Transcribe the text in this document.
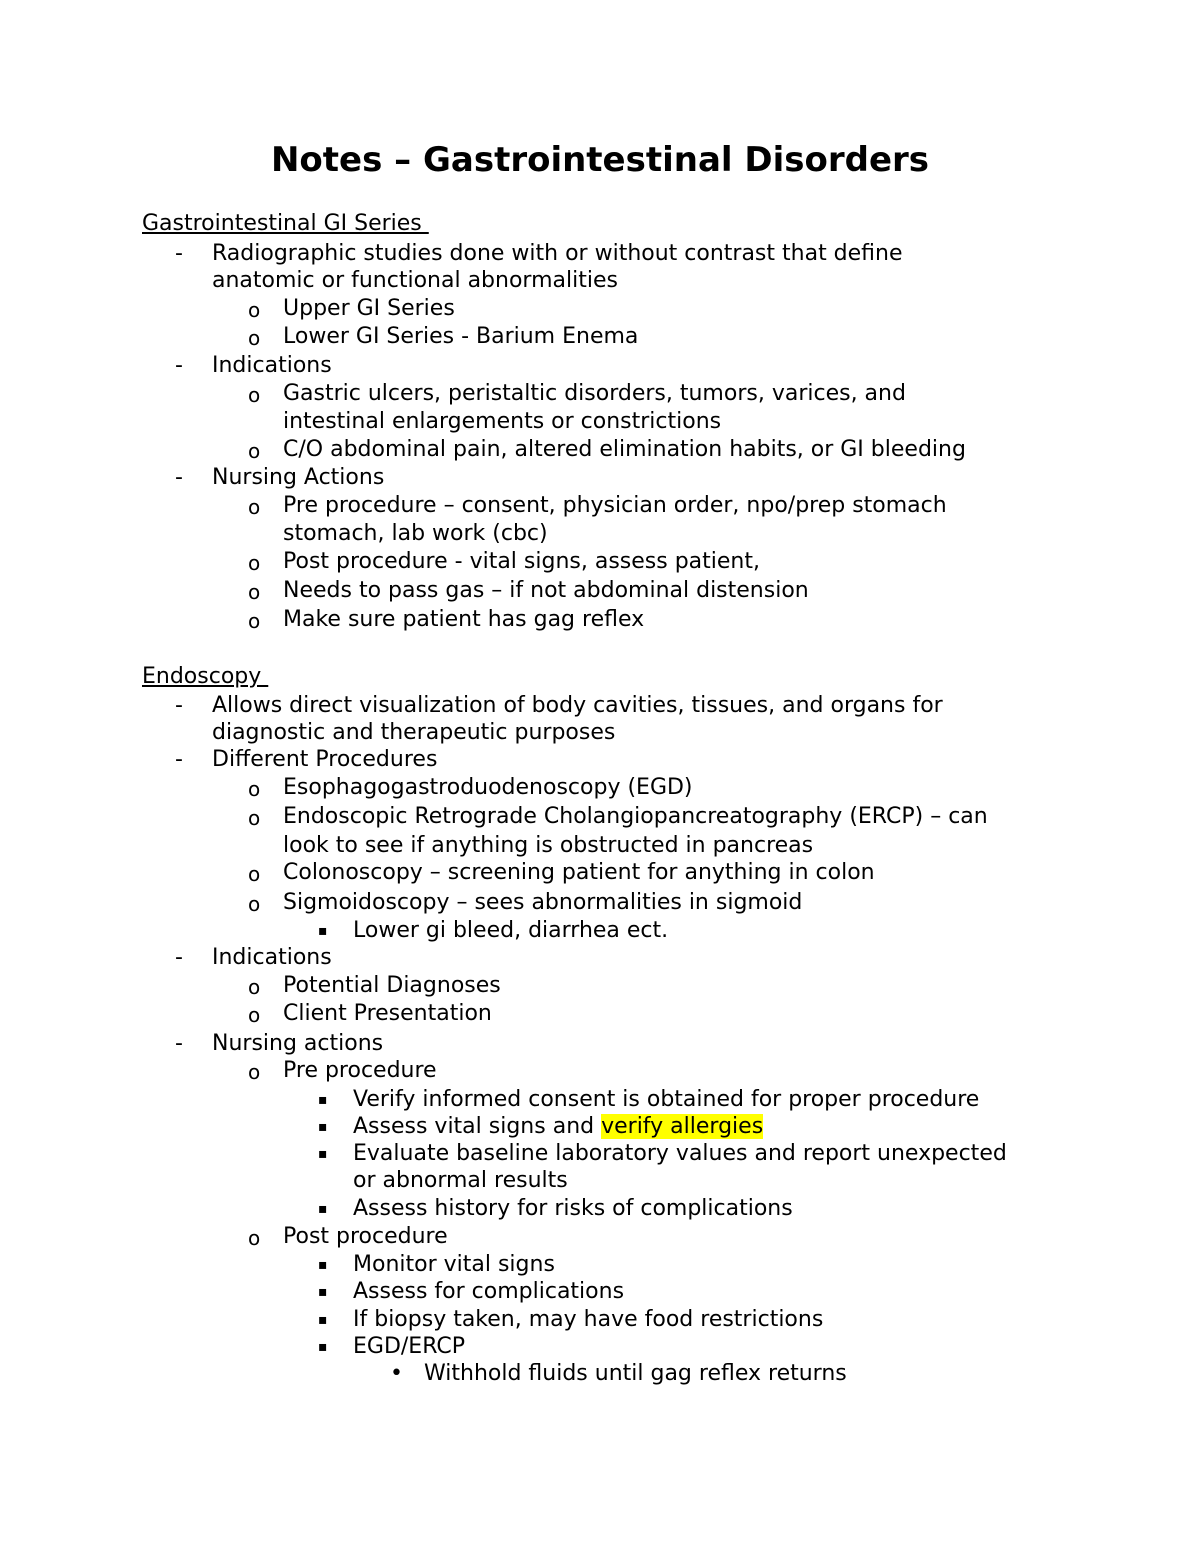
Notes – Gastrointestinal Disorders
Gastrointestinal GI Series
- Radiographic studies done with or without contrast that define
anatomic or functional abnormalities
o Upper GI Series
o Lower GI Series - Barium Enema
- Indications
o Gastric ulcers, peristaltic disorders, tumors, varices, and
intestinal enlargements or constrictions
o C/O abdominal pain, altered elimination habits, or GI bleeding
- Nursing Actions
o Pre procedure – consent, physician order, npo/prep stomach
stomach, lab work (cbc)
o Post procedure - vital signs, assess patient,
o Needs to pass gas – if not abdominal distension
o Make sure patient has gag reflex
Endoscopy
- Allows direct visualization of body cavities, tissues, and organs for
diagnostic and therapeutic purposes
- Different Procedures
o Esophagogastroduodenoscopy (EGD)
o Endoscopic Retrograde Cholangiopancreatography (ERCP) – can
look to see if anything is obstructed in pancreas
o Colonoscopy – screening patient for anything in colon
o Sigmoidoscopy – sees abnormalities in sigmoid
▪ Lower gi bleed, diarrhea ect.
- Indications
o Potential Diagnoses
o Client Presentation
- Nursing actions
o Pre procedure
▪ Verify informed consent is obtained for proper procedure
▪ Assess vital signs and verify allergies
▪ Evaluate baseline laboratory values and report unexpected
or abnormal results
▪ Assess history for risks of complications
o Post procedure
▪ Monitor vital signs
▪ Assess for complications
▪ If biopsy taken, may have food restrictions
▪ EGD/ERCP
• Withhold fluids until gag reflex returns
